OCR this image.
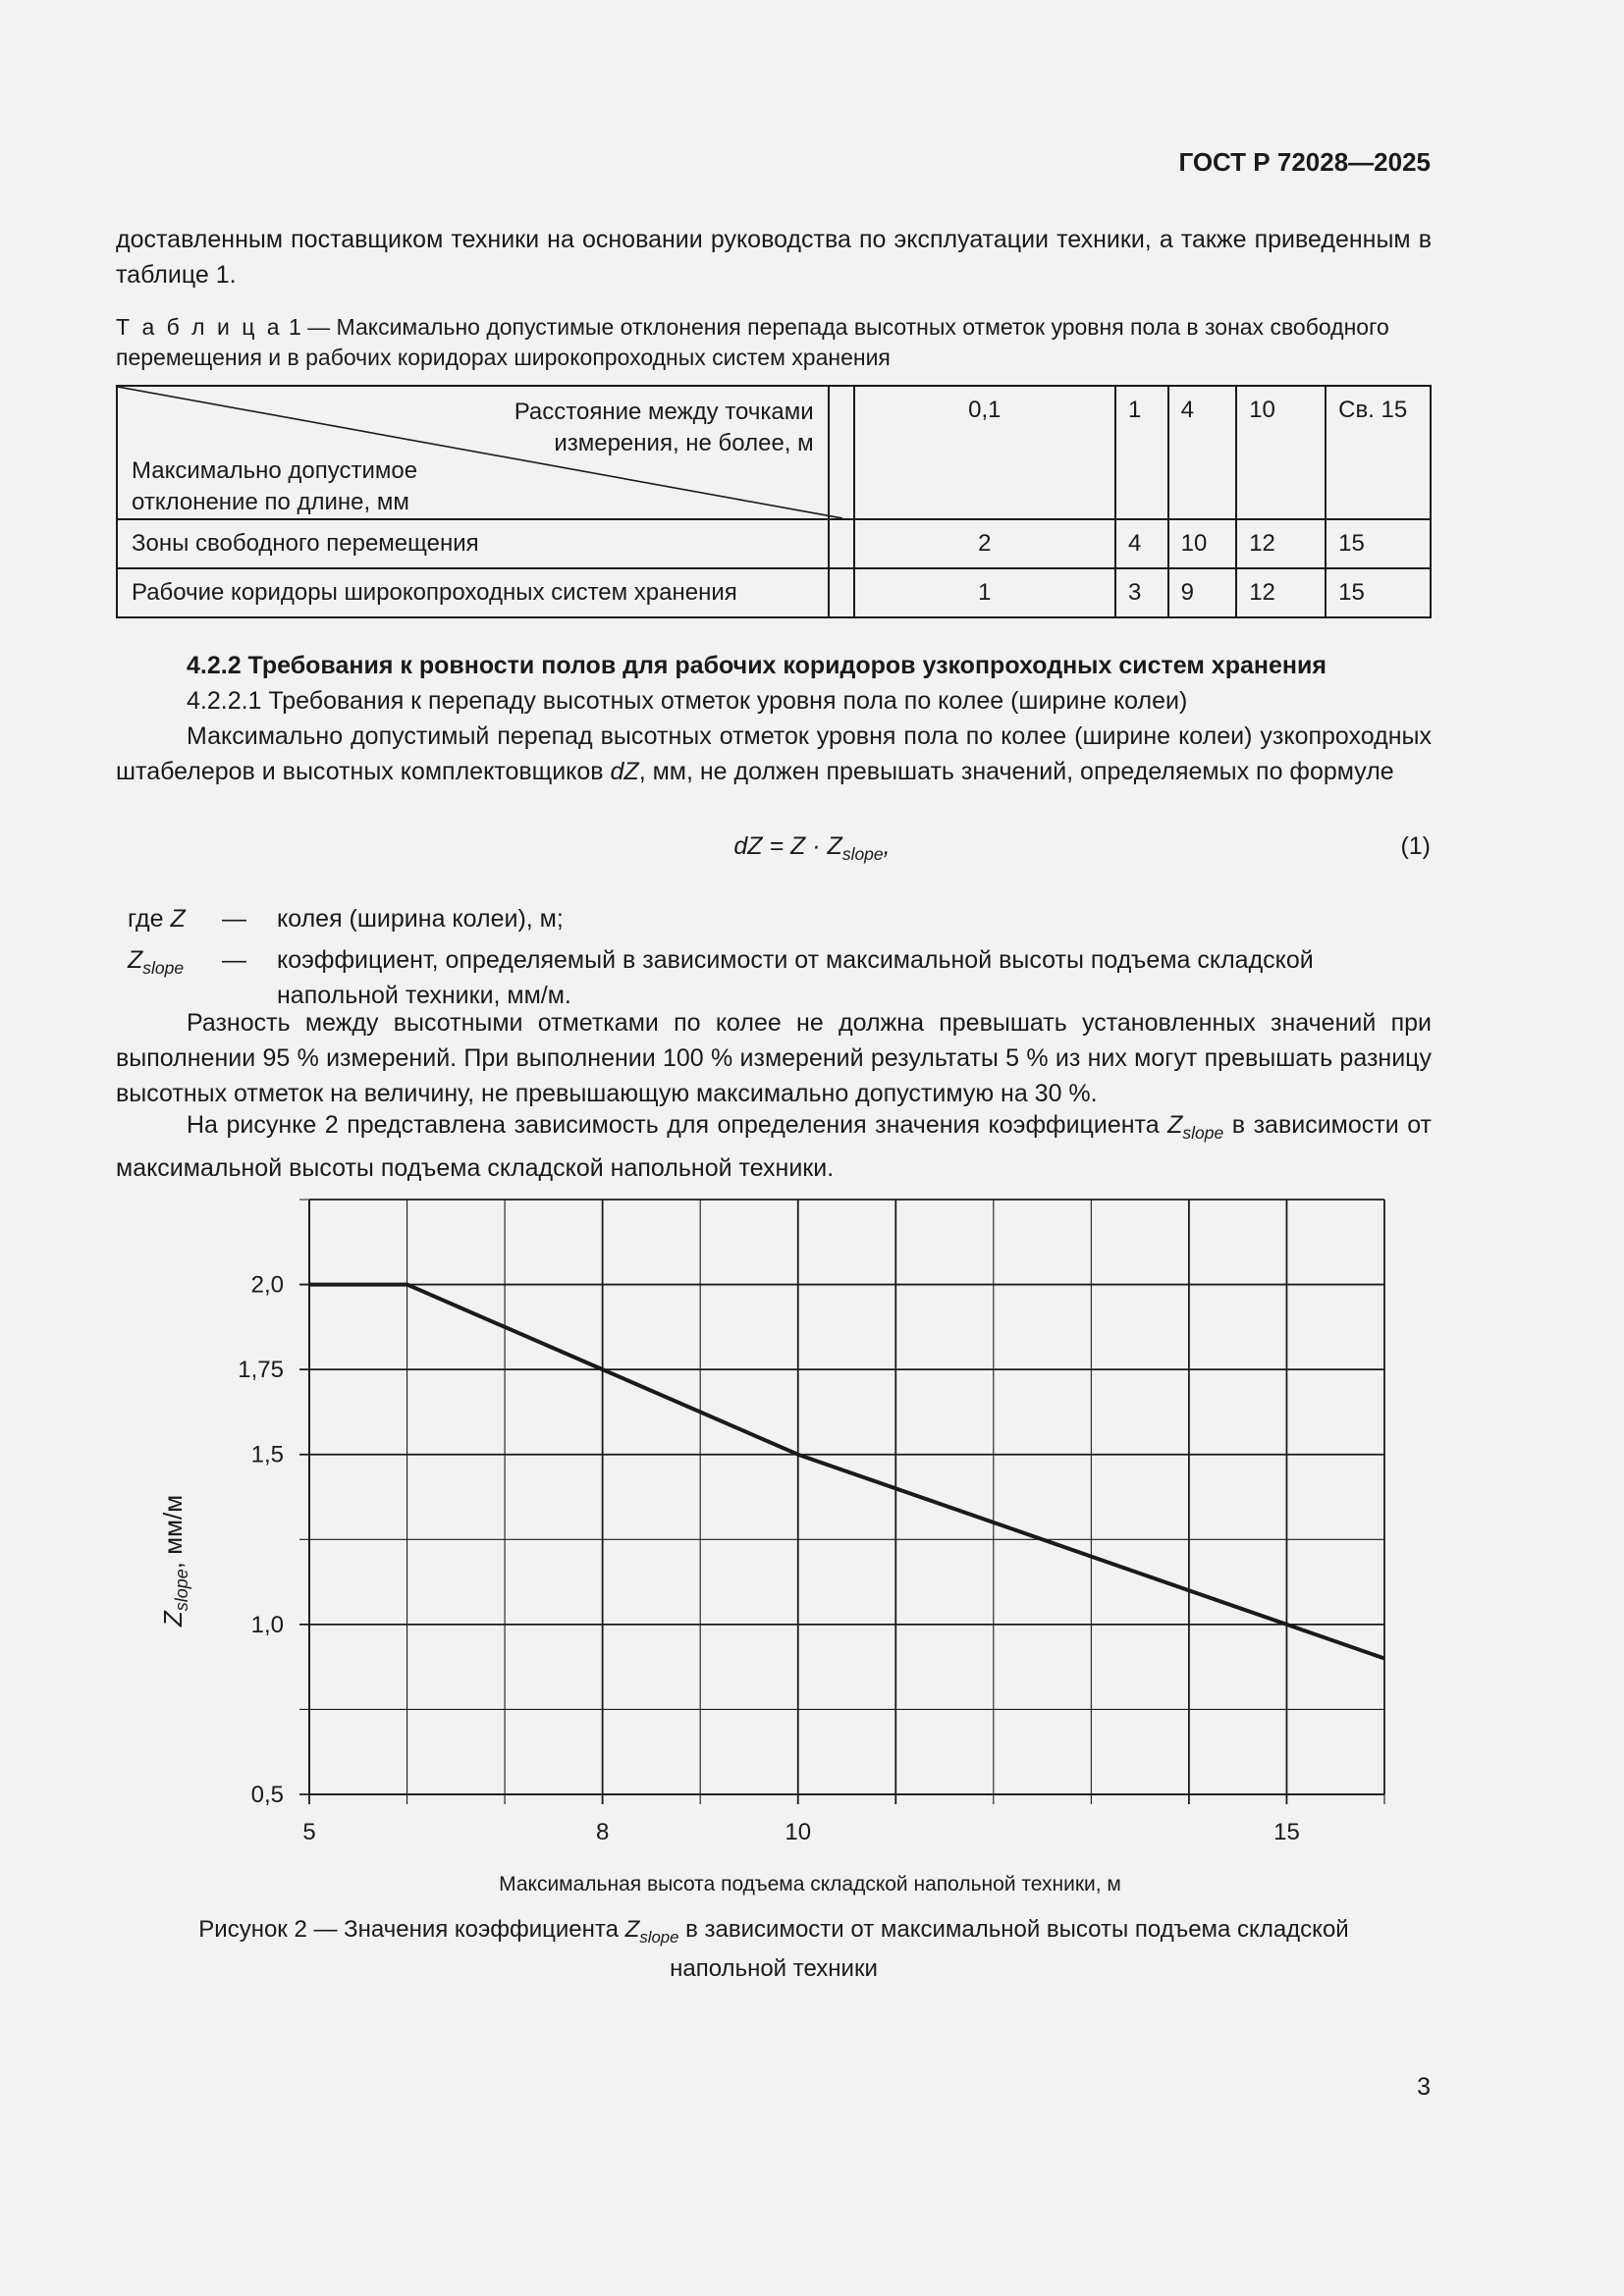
ГОСТ Р 72028—2025
доставленным поставщиком техники на основании руководства по эксплуатации техники, а также приведенным в таблице 1.
Т а б л и ц а 1 — Максимально допустимые отклонения перепада высотных отметок уровня пола в зонах свободного перемещения и в рабочих коридорах широкопроходных систем хранения
Расстояние между точками
измерения, не более, м
Максимально допустимое
отклонение по длине, мм		0,1	1	4	10	Св. 15
Зоны свободного перемещения		2	4	10	12	15
Рабочие коридоры широкопроходных систем хранения		1	3	9	12	15
4.2.2 Требования к ровности полов для рабочих коридоров узкопроходных систем хранения
4.2.2.1 Требования к перепаду высотных отметок уровня пола по колее (ширине колеи)
Максимально допустимый перепад высотных отметок уровня пола по колее (ширине колеи) узкопроходных штабелеров и высотных комплектовщиков dZ, мм, не должен превышать значений, определяемых по формуле
dZ = $Z \cdot Z_{slope}$,	(1)
где Z — колея (ширина колеи), м;
$Z_{slope}$ — коэффициент, определяемый в зависимости от максимальной высоты подъема складской напольной техники, мм/м.
Разность между высотными отметками по колее не должна превышать установленных значений при выполнении 95 % измерений. При выполнении 100 % измерений результаты 5 % из них могут превышать разницу высотных отметок на величину, не превышающую максимально допустимую на 30 %.
На рисунке 2 представлена зависимость для определения значения коэффициента $Z_{slope}$ в зависимости от максимальной высоты подъема складской напольной техники.
5	8	10	15
0,5
1,0
1,5
1,75
2,0
$Z_{slope}$, мм/м
Максимальная высота подъема складской напольной техники, м
Рисунок 2 — Значения коэффициента $Z_{slope}$ в зависимости от максимальной высоты подъема складской
напольной техники
3
